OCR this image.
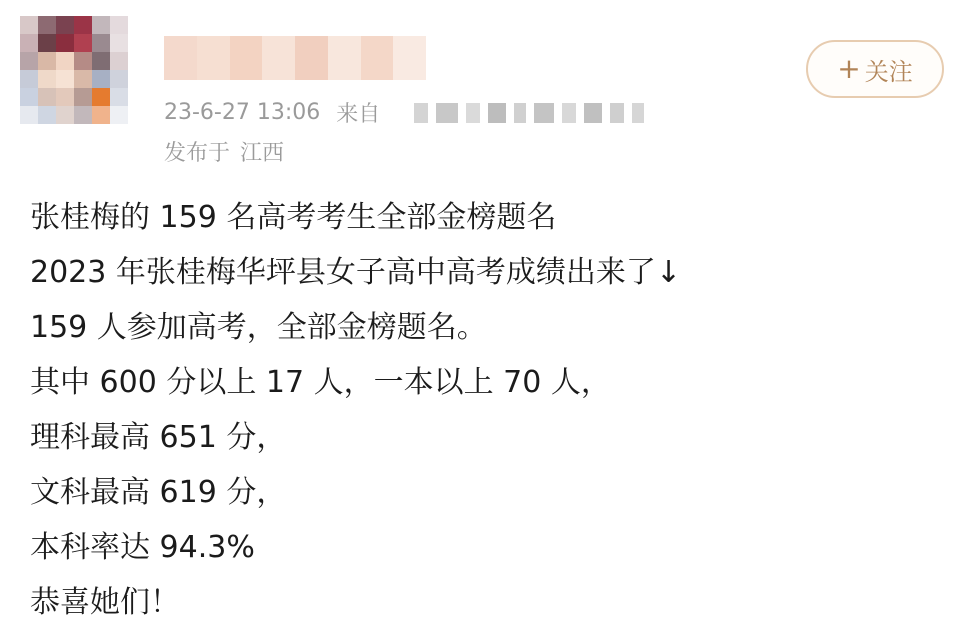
23-6-27 13:06 来自
发布于 江西
+ 关注
张桂梅的 159 名高考考生全部金榜题名
2023 年张桂梅华坪县女子高中高考成绩出来了↓
159 人参加高考，全部金榜题名。
其中 600 分以上 17 人，一本以上 70 人，
理科最高 651 分，
文科最高 619 分，
本科率达 94.3%
恭喜她们！
